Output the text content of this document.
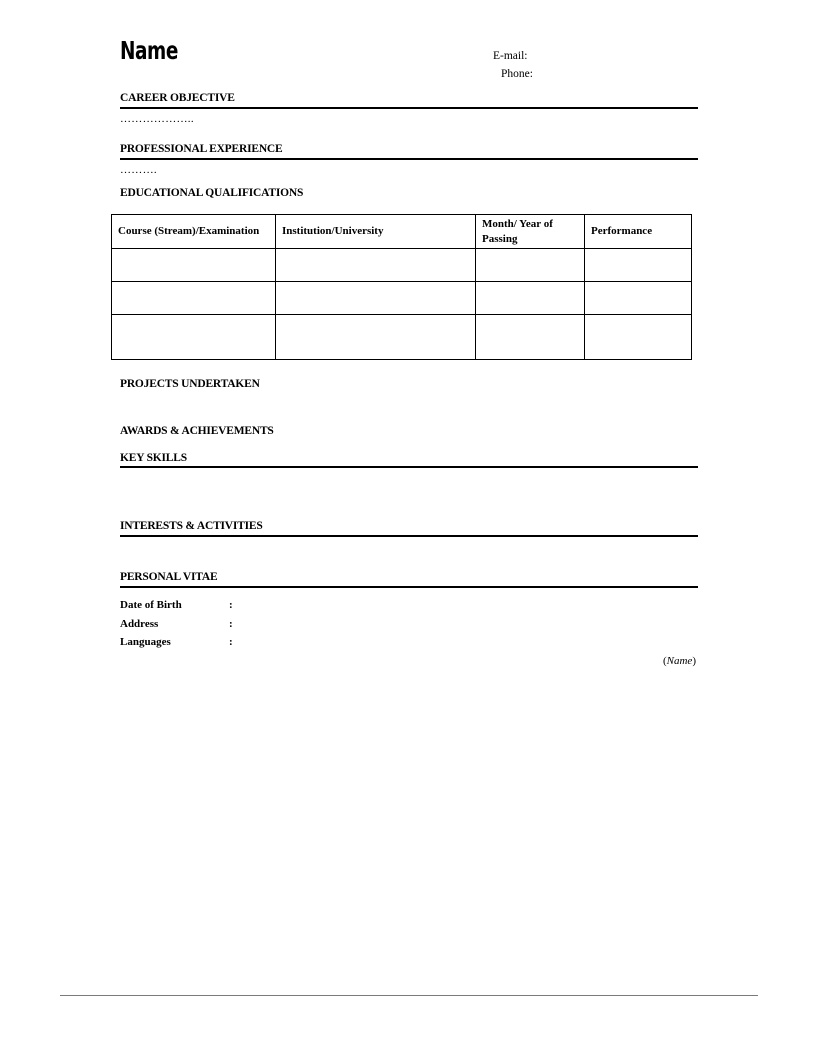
Name	E-mail:
Phone:
CAREER OBJECTIVE
………………..
PROFESSIONAL EXPERIENCE
……….
EDUCATIONAL QUALIFICATIONS
Course (Stream)/Examination	Institution/University	Month/ Year of Passing	Performance

PROJECTS UNDERTAKEN
AWARDS & ACHIEVEMENTS
KEY SKILLS
INTERESTS & ACTIVITIES
PERSONAL VITAE
Date of Birth	:
Address	:
Languages	:
(Name)
